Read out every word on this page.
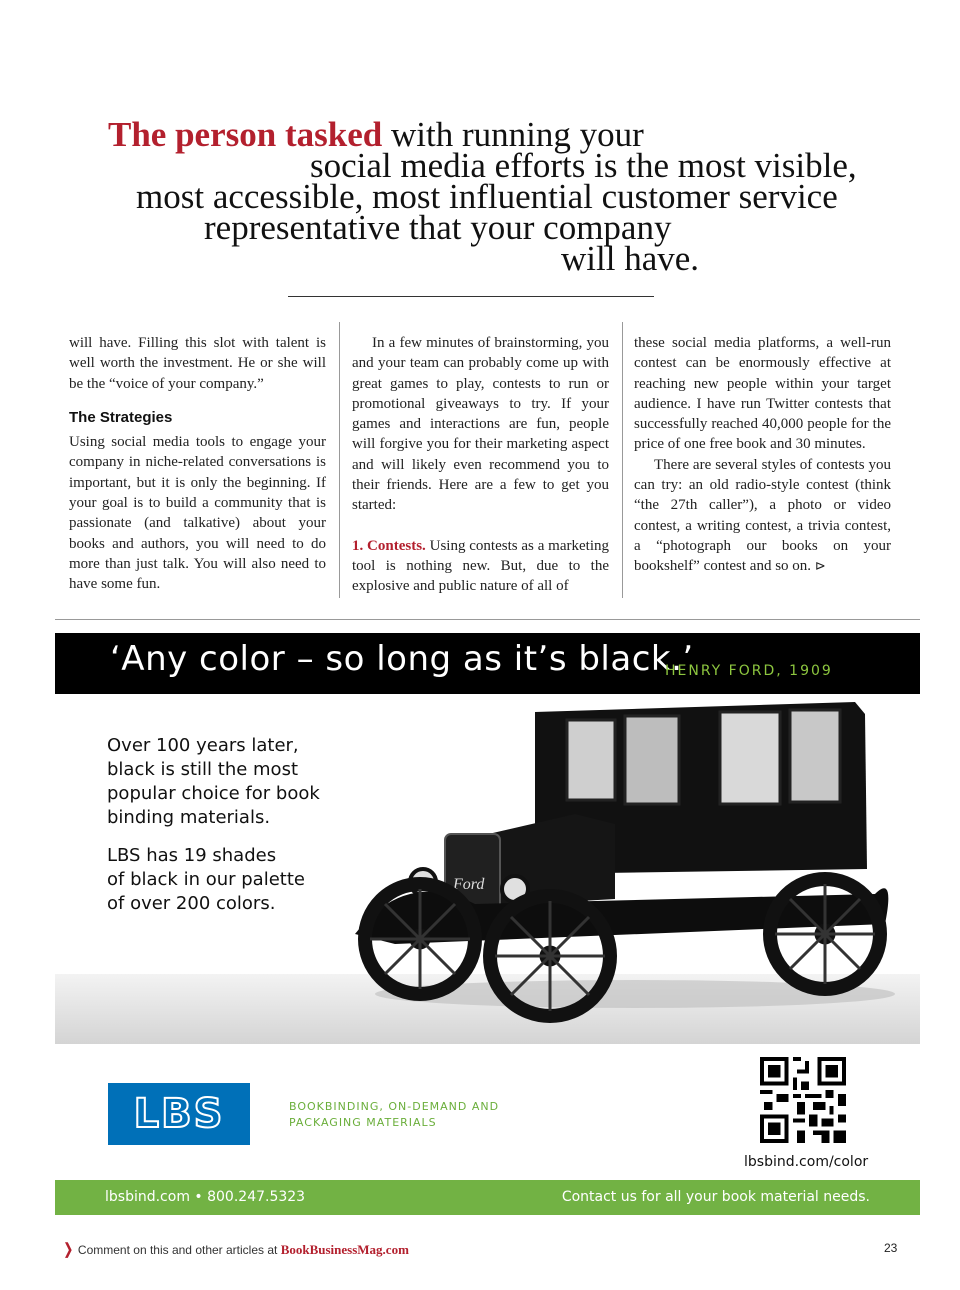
The person tasked with running your
social media efforts is the most visible,
most accessible, most influential customer service
representative that your company
will have.

will have. Filling this slot with talent is well worth the investment. He or she will be the “voice of your company.”

The Strategies

Using social media tools to engage your company in niche-related conversations is important, but it is only the beginning. If your goal is to build a community that is passionate (and talkative) about your books and authors, you will need to do more than just talk. You will also need to have some fun.

In a few minutes of brainstorming, you and your team can probably come up with great games to play, contests to run or promotional giveaways to try. If your games and interactions are fun, people will forgive you for their marketing aspect and will likely even recommend you to their friends. Here are a few to get you started:

1. Contests. Using contests as a marketing tool is nothing new. But, due to the explosive and public nature of all of

these social media platforms, a well-run contest can be enormously effective at reaching new people within your target audience. I have run Twitter contests that successfully reached 40,000 people for the price of one free book and 30 minutes.

There are several styles of contests you can try: an old radio-style contest (think “the 27th caller”), a photo or video contest, a writing contest, a trivia contest, a “photograph our books on your bookshelf” contest and so on. ⊳

‘Any color – so long as it’s black.’
HENRY FORD, 1909

Over 100 years later,

black is still the most

popular choice for book

binding materials.

LBS has 19 shades

of black in our palette

of over 200 colors.

Ford
LBS	BOOKBINDING, ON-DEMAND AND

PACKAGING MATERIALS

lbsbind.com/color
lbsbind.com • 800.247.5323	Contact us for all your book material needs.
❭ Comment on this and other articles at BookBusinessMag.com	23
